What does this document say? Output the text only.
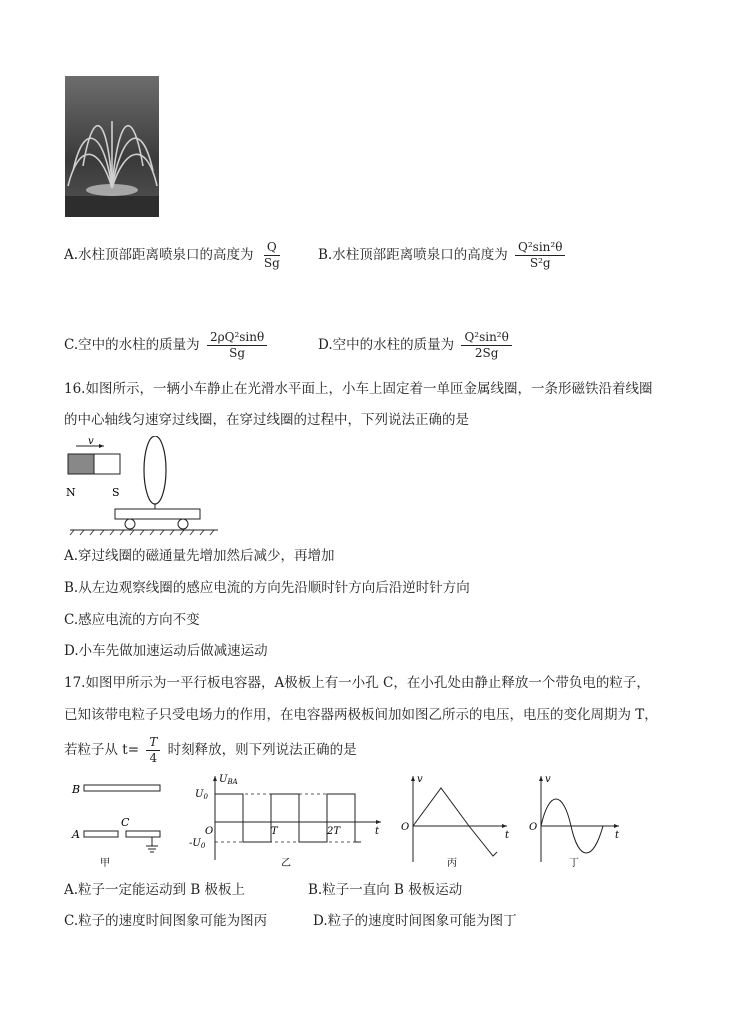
A.水柱顶部距离喷泉口的高度为 $\frac{Q}{Sg}$	B.水柱顶部距离喷泉口的高度为 $\frac{\text{Q²sin²θ}}{\text{S²g}}$
C.空中的水柱的质量为 $\frac{\text{2ρQ²sinθ}}{Sg}$	D.空中的水柱的质量为 $\frac{\text{Q²sin²θ}}{2Sg}$
16.如图所示，一辆小车静止在光滑水平面上，小车上固定着一单匝金属线圈，一条形磁铁沿着线圈
的中心轴线匀速穿过线圈，在穿过线圈的过程中，下列说法正确的是
v
N	S
A.穿过线圈的磁通量先增加然后减少，再增加
B.从左边观察线圈的感应电流的方向先沿顺时针方向后沿逆时针方向
C.感应电流的方向不变
D.小车先做加速运动后做减速运动
17.如图甲所示为一平行板电容器，A极板上有一小孔 C，在小孔处由静止释放一个带负电的粒子，
已知该带电粒子只受电场力的作用，在电容器两极板间加如图乙所示的电压，电压的变化周期为 T，
若粒子从 $t= \frac{T}{4}$ 时刻释放，则下列说法正确的是
B
A
C
甲
$U_{BA}$
$U_0$
$-U_0$
O	T	2T	t
乙
v
O
t
丙
v
O
t
丁
A.粒子一定能运动到 B 极板上	B.粒子一直向 B 极板运动
C.粒子的速度时间图象可能为图丙	D.粒子的速度时间图象可能为图丁
